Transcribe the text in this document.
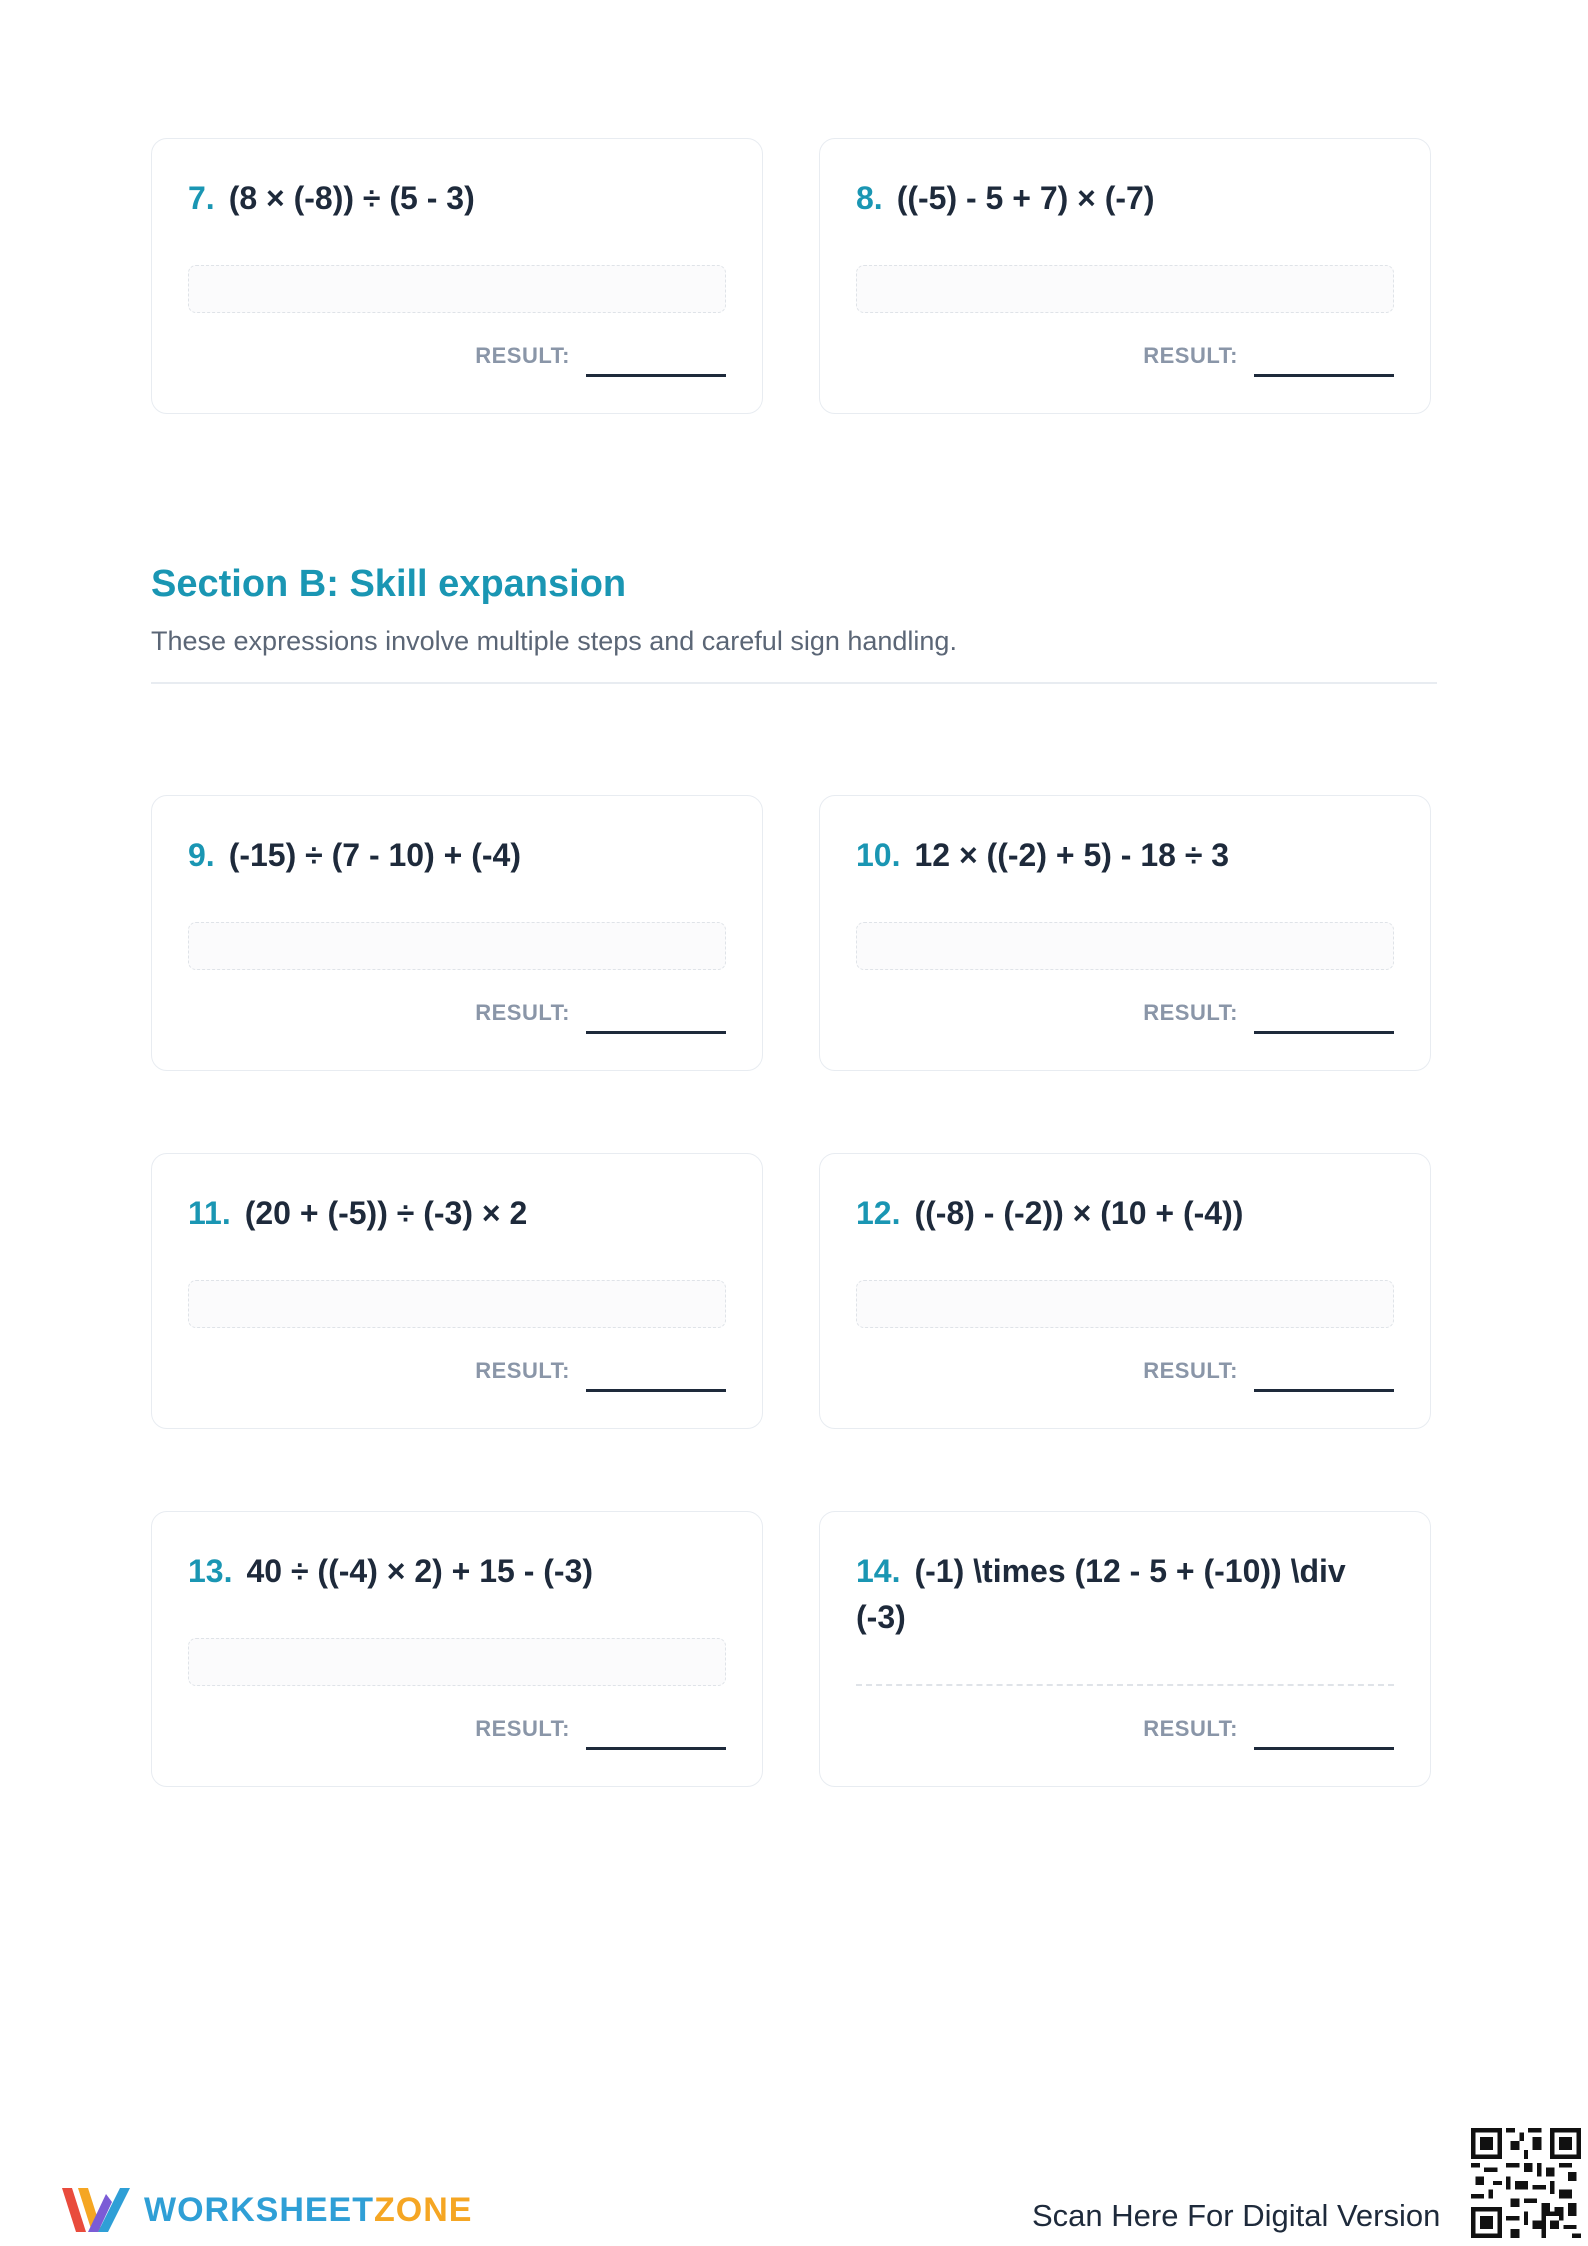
7. (8 × (-8)) ÷ (5 - 3)
RESULT:
8. ((-5) - 5 + 7) × (-7)
RESULT:
Section B: Skill expansion
These expressions involve multiple steps and careful sign handling.
9. (-15) ÷ (7 - 10) + (-4)
RESULT:
10. 12 × ((-2) + 5) - 18 ÷ 3
RESULT:
11. (20 + (-5)) ÷ (-3) × 2
RESULT:
12. ((-8) - (-2)) × (10 + (-4))
RESULT:
13. 40 ÷ ((-4) × 2) + 15 - (-3)
RESULT:
14. (-1) \times (12 - 5 + (-10)) \div (-3)
RESULT:
WORKSHEETZONE	Scan Here For Digital Version
